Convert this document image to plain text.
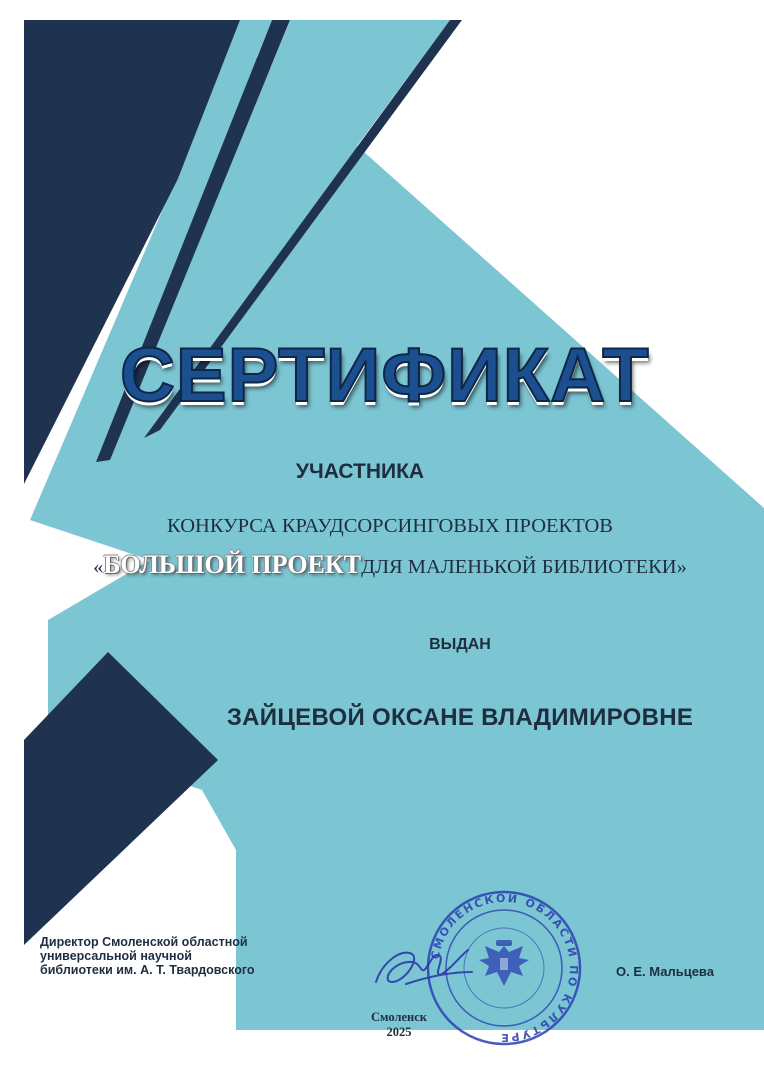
СЕРТИФИКАТ
УЧАСТНИКА
КОНКУРСА КРАУДСОРСИНГОВЫХ ПРОЕКТОВ
«БОЛЬШОЙ ПРОЕКТДЛЯ МАЛЕНЬКОЙ БИБЛИОТЕКИ»
ВЫДАН
ЗАЙЦЕВОЙ ОКСАНЕ ВЛАДИМИРОВНЕ
Директор Смоленской областной
универсальной научной
библиотеки им. А. Т. Твардовского
СМОЛЕНСКОЙ ОБЛАСТИ ПО КУЛЬТУРЕ
О. Е. Мальцева
Смоленск
2025
